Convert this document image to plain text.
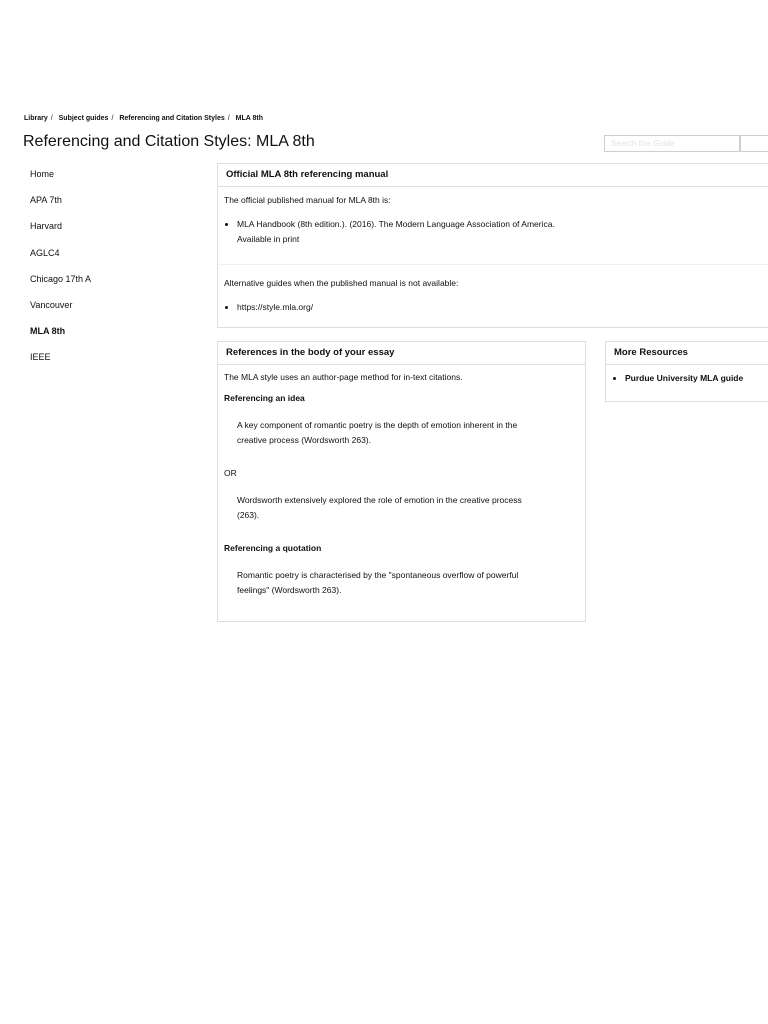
Library / Subject guides / Referencing and Citation Styles / MLA 8th
Referencing and Citation Styles: MLA 8th
Search this Guide
Home
APA 7th
Harvard
AGLC4
Chicago 17th A
Vancouver
MLA 8th
IEEE
Official MLA 8th referencing manual

The official published manual for MLA 8th is:

• MLA Handbook (8th edition.). (2016). The Modern Language Association of America.
Available in print

Alternative guides when the published manual is not available:

• https://style.mla.org/
References in the body of your essay

The MLA style uses an author-page method for in-text citations.

Referencing an idea

A key component of romantic poetry is the depth of emotion inherent in the
creative process (Wordsworth 263).

OR

Wordsworth extensively explored the role of emotion in the creative process
(263).

Referencing a quotation

Romantic poetry is characterised by the "spontaneous overflow of powerful
feelings" (Wordsworth 263).

More Resources
• Purdue University MLA guide
